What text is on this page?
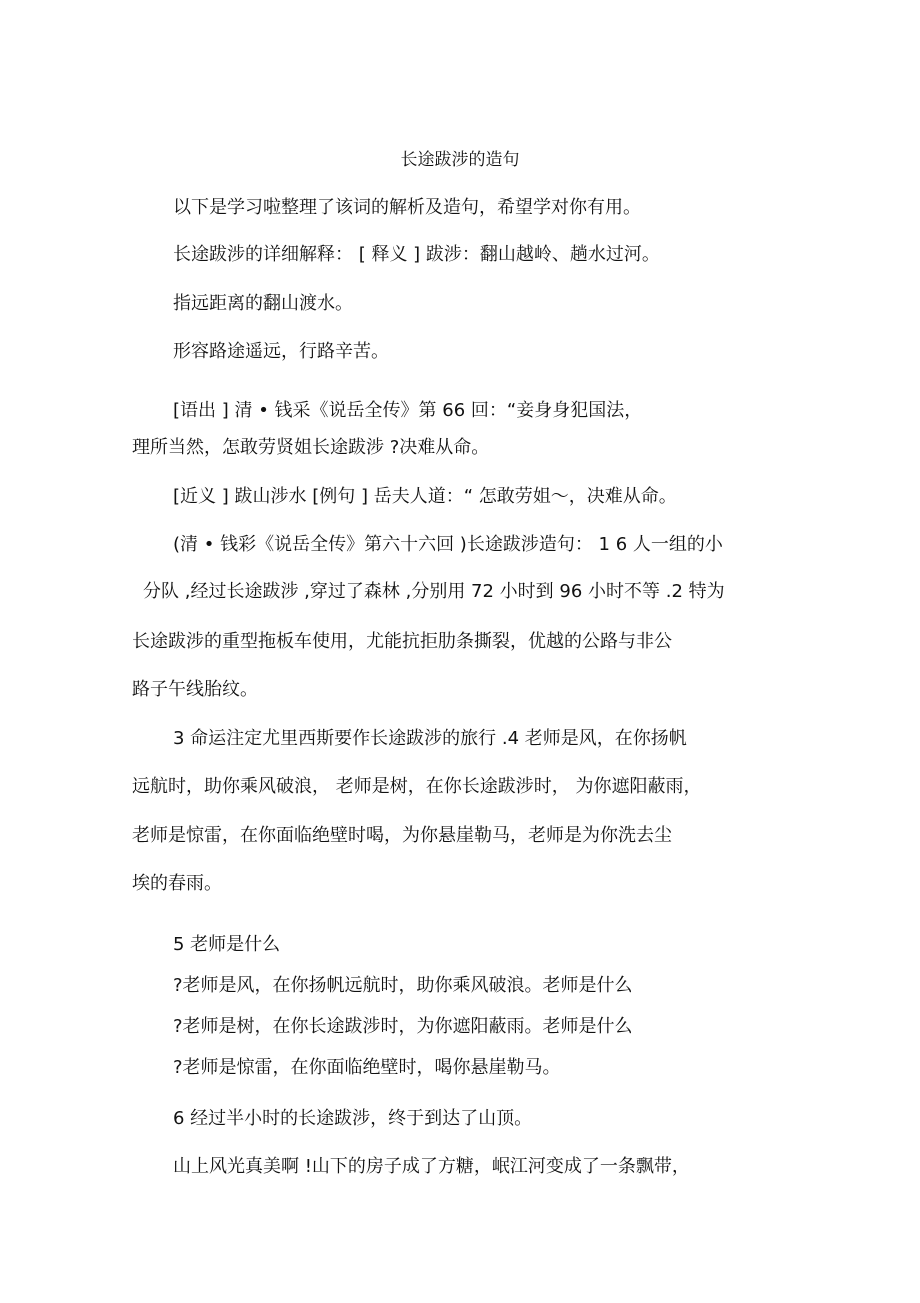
长途跋涉的造句
以下是学习啦整理了该词的解析及造句，希望学对你有用。
长途跋涉的详细解释： [ 释义 ] 跋涉：翻山越岭、趟水过河。
指远距离的翻山渡水。
形容路途遥远，行路辛苦。
[语出 ] 清 • 钱采《说岳全传》第 66 回：“妾身身犯国法，
理所当然，怎敢劳贤姐长途跋涉 ?决难从命。
[近义 ] 跋山涉水 [例句 ] 岳夫人道：“ 怎敢劳姐～，决难从命。
(清 • 钱彩《说岳全传》第六十六回 )长途跋涉造句： 1 6 人一组的小
分队 ,经过长途跋涉 ,穿过了森林 ,分别用 72 小时到 96 小时不等 .2 特为
长途跋涉的重型拖板车使用，尤能抗拒肋条撕裂，优越的公路与非公
路子午线胎纹。
3 命运注定尤里西斯要作长途跋涉的旅行 .4 老师是风，在你扬帆
远航时，助你乘风破浪， 老师是树，在你长途跋涉时， 为你遮阳蔽雨，
老师是惊雷，在你面临绝壁时喝，为你悬崖勒马，老师是为你洗去尘
埃的春雨。
5 老师是什么
?老师是风，在你扬帆远航时，助你乘风破浪。老师是什么
?老师是树，在你长途跋涉时，为你遮阳蔽雨。老师是什么
?老师是惊雷，在你面临绝壁时，喝你悬崖勒马。
6 经过半小时的长途跋涉，终于到达了山顶。
山上风光真美啊 !山下的房子成了方糖，岷江河变成了一条飘带，
